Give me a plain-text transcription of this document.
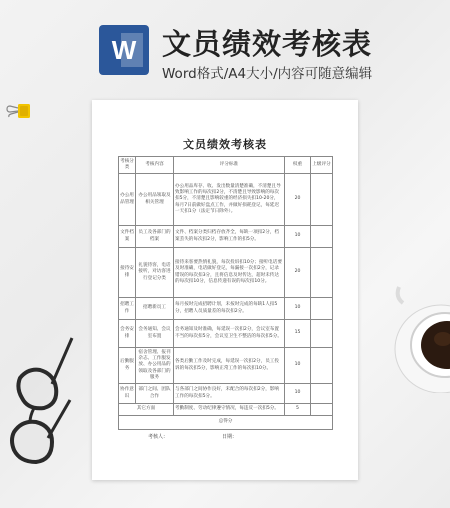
W 文员绩效考核表
Word格式/A4大小/内容可随意编辑
文员绩效考核表
考核分类	考核内容	评分标准	权重	上级评分
办公用品管理	办公用品领取及相关管理	办公用品库存、收、发出数量清楚准确，不清楚且导致影响工作的每次扣2分，不清楚且导致影响的每次扣5分，不清楚且影响较重的经济损失扣10-20分，每月7日前做好盘点工作，并做好损耗登记，每延迟一天扣1分（法定节日除外）。	20	
文件档案	员工及各部门的档案	文件、档案分类归档存放齐全，每缺一项扣2分，档案丢失的每次扣2分，影响工作的扣5分。	10	
接待安排	礼貌待客，电话接听，对访客进行登记分类	接待来客要热情礼貌，每次投诉扣10分；接听电话要及时准确，电话做好登记，每漏接一次扣2分，记录错误的每次扣3分，且将信息及时传达，超时未传达的每次扣10分，信息传递有误的每次扣10分。	20	
招聘工作	招聘新员工	每月按时完成招聘计划，未按时完成的每缺1人扣5分，招聘人员质量差的每次扣2分。	10	
会务安排	会务通知、会议室布置	会务通知及时准确，每延误一次扣2分，会议室布置不当的每次扣5分，会议室卫生不整洁的每次扣5分。	15	
后勤服务	宿舍管理、报刊杂志、工作服发放、办公用品的领取及各部门的服务	各类后勤工作及时完成，每延误一次扣2分，员工投诉的每次扣5分，影响正常工作的每次扣10分。	10	
协作意识	部门之间、团队合作	与各部门之间协作良好，未配合的每次扣2分，影响工作的每次扣5分。	10	
其它方面		考勤制度、劳动纪律遵守情况，每违反一次扣5分。	5	
总得分				
考核人：	日期：
